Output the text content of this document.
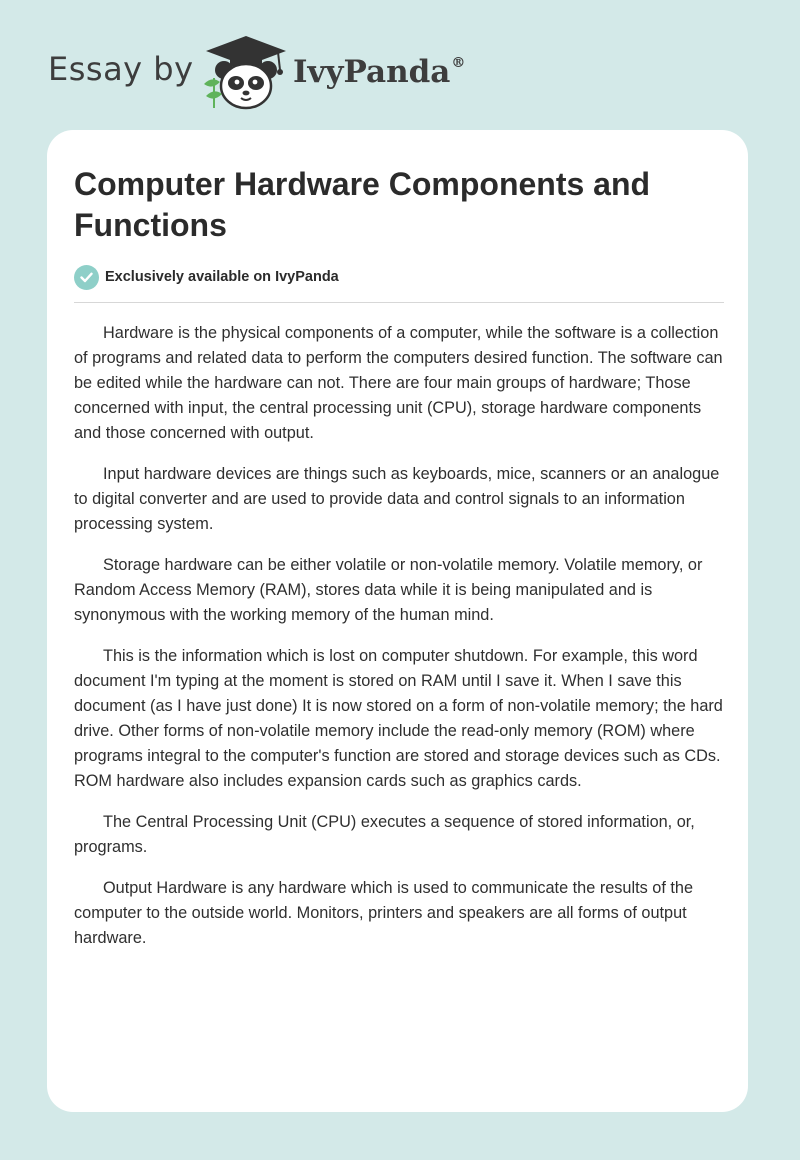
Essay by	IvyPanda®
Computer Hardware Components and Functions
Exclusively available on IvyPanda

Hardware is the physical components of a computer, while the software is a collection of programs and related data to perform the computers desired function. The software can be edited while the hardware can not. There are four main groups of hardware; Those concerned with input, the central processing unit (CPU), storage hardware components and those concerned with output.

Input hardware devices are things such as keyboards, mice, scanners or an analogue to digital converter and are used to provide data and control signals to an information processing system.

Storage hardware can be either volatile or non-volatile memory. Volatile memory, or Random Access Memory (RAM), stores data while it is being manipulated and is synonymous with the working memory of the human mind.

This is the information which is lost on computer shutdown. For example, this word document I'm typing at the moment is stored on RAM until I save it. When I save this document (as I have just done) It is now stored on a form of non-volatile memory; the hard drive. Other forms of non-volatile memory include the read-only memory (ROM) where programs integral to the computer's function are stored and storage devices such as CDs. ROM hardware also includes expansion cards such as graphics cards.

The Central Processing Unit (CPU) executes a sequence of stored information, or, programs.

Output Hardware is any hardware which is used to communicate the results of the computer to the outside world. Monitors, printers and speakers are all forms of output hardware.
